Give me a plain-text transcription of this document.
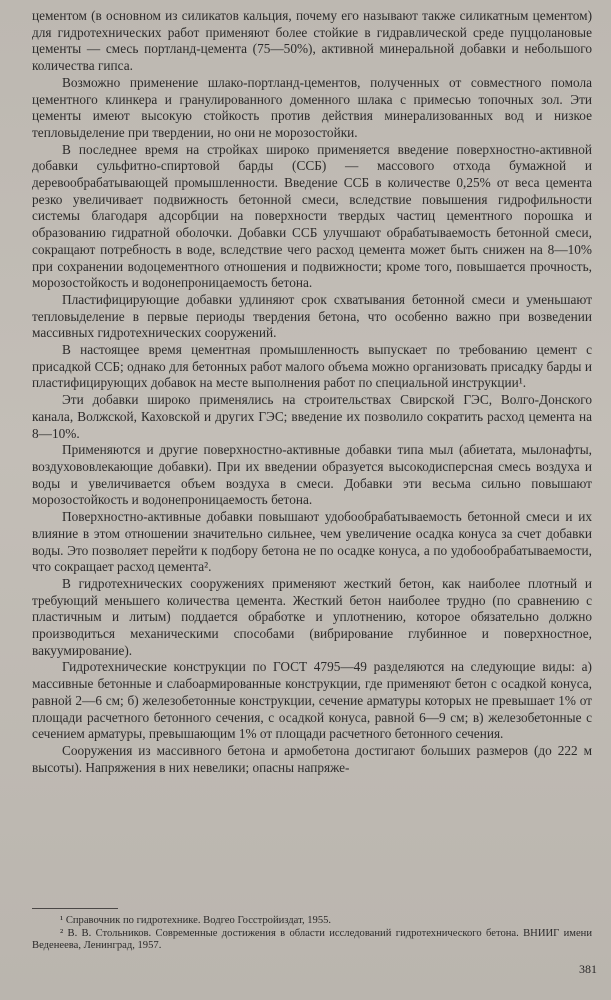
цементом (в основном из силикатов кальция, почему его называют также силикатным цементом) для гидротехнических работ применяют более стойкие в гидравлической среде пуццолановые цементы — смесь портланд-цемента (75—50%), активной минеральной добавки и небольшого количества гипса.

Возможно применение шлако-портланд-цементов, полученных от совместного помола цементного клинкера и гранулированного доменного шлака с примесью топочных зол. Эти цементы имеют высокую стойкость против действия минерализованных вод и низкое тепловыделение при твердении, но они не морозостойки.

В последнее время на стройках широко применяется введение поверхностно-активной добавки сульфитно-спиртовой барды (ССБ) — массового отхода бумажной и деревообрабатывающей промышленности. Введение ССБ в количестве 0,25% от веса цемента резко увеличивает подвижность бетонной смеси, вследствие повышения гидрофильности системы благодаря адсорбции на поверхности твердых частиц цементного порошка и образованию гидратной оболочки. Добавки ССБ улучшают обрабатываемость бетонной смеси, сокращают потребность в воде, вследствие чего расход цемента может быть снижен на 8—10% при сохранении водоцементного отношения и подвижности; кроме того, повышается прочность, морозостойкость и водонепроницаемость бетона.

Пластифицирующие добавки удлиняют срок схватывания бетонной смеси и уменьшают тепловыделение в первые периоды твердения бетона, что особенно важно при возведении массивных гидротехнических сооружений.

В настоящее время цементная промышленность выпускает по требованию цемент с присадкой ССБ; однако для бетонных работ малого объема можно организовать присадку барды и пластифицирующих добавок на месте выполнения работ по специальной инструкции¹.

Эти добавки широко применялись на строительствах Свирской ГЭС, Волго-Донского канала, Волжской, Каховской и других ГЭС; введение их позволило сократить расход цемента на 8—10%.

Применяются и другие поверхностно-активные добавки типа мыл (абиетата, мылонафты, воздухововлекающие добавки). При их введении образуется высокодисперсная смесь воздуха и воды и увеличивается объем воздуха в смеси. Добавки эти весьма сильно повышают морозостойкость и водонепроницаемость бетона.

Поверхностно-активные добавки повышают удобообрабатываемость бетонной смеси и их влияние в этом отношении значительно сильнее, чем увеличение осадка конуса за счет добавки воды. Это позволяет перейти к подбору бетона не по осадке конуса, а по удобообрабатываемости, что сокращает расход цемента².

В гидротехнических сооружениях применяют жесткий бетон, как наиболее плотный и требующий меньшего количества цемента. Жесткий бетон наиболее трудно (по сравнению с пластичным и литым) поддается обработке и уплотнению, которое обязательно должно производиться механическими способами (вибрирование глубинное и поверхностное, вакуумирование).

Гидротехнические конструкции по ГОСТ 4795—49 разделяются на следующие виды: а) массивные бетонные и слабоармированные конструкции, где применяют бетон с осадкой конуса, равной 2—6 см; б) железобетонные конструкции, сечение арматуры которых не превышает 1% от площади расчетного бетонного сечения, с осадкой конуса, равной 6—9 см; в) железобетонные с сечением арматуры, превышающим 1% от площади расчетного бетонного сечения.

Сооружения из массивного бетона и армобетона достигают больших размеров (до 222 м высоты). Напряжения в них невелики; опасны напряже-

¹ Справочник по гидротехнике. Водгео Госстройиздат, 1955.

² В. В. Стольников. Современные достижения в области исследований гидротехнического бетона. ВНИИГ имени Веденеева, Ленинград, 1957.

381
